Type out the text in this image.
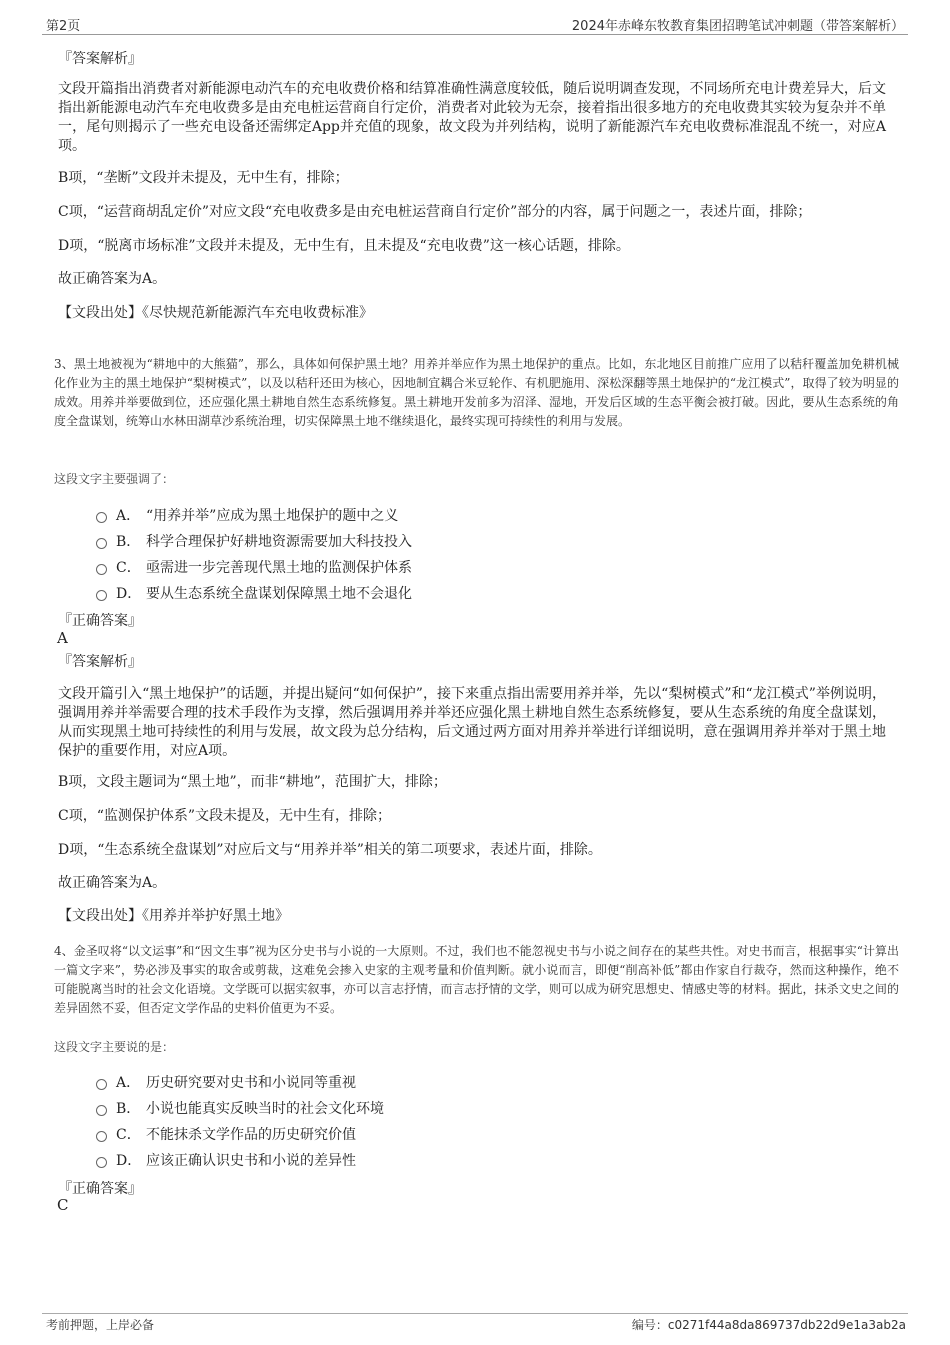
第2页	2024年赤峰东牧教育集团招聘笔试冲刺题（带答案解析）
『答案解析』
文段开篇指出消费者对新能源电动汽车的充电收费价格和结算准确性满意度较低，随后说明调查发现，不同场所充电计费差异大，后文指出新能源电动汽车充电收费多是由充电桩运营商自行定价，消费者对此较为无奈，接着指出很多地方的充电收费其实较为复杂并不单一，尾句则揭示了一些充电设备还需绑定App并充值的现象，故文段为并列结构，说明了新能源汽车充电收费标准混乱不统一，对应A项。
B项，“垄断”文段并未提及，无中生有，排除；
C项，“运营商胡乱定价”对应文段“充电收费多是由充电桩运营商自行定价”部分的内容，属于问题之一，表述片面，排除；
D项，“脱离市场标准”文段并未提及，无中生有，且未提及“充电收费”这一核心话题，排除。
故正确答案为A。
【文段出处】《尽快规范新能源汽车充电收费标准》
3、黑土地被视为“耕地中的大熊猫”，那么，具体如何保护黑土地？用养并举应作为黑土地保护的重点。比如，东北地区目前推广应用了以秸秆覆盖加免耕机械化作业为主的黑土地保护“梨树模式”，以及以秸秆还田为核心，因地制宜耦合米豆轮作、有机肥施用、深松深翻等黑土地保护的“龙江模式”，取得了较为明显的成效。用养并举要做到位，还应强化黑土耕地自然生态系统修复。黑土耕地开发前多为沼泽、湿地，开发后区域的生态平衡会被打破。因此，要从生态系统的角度全盘谋划，统筹山水林田湖草沙系统治理，切实保障黑土地不继续退化，最终实现可持续性的利用与发展。
这段文字主要强调了：
A． “用养并举”应成为黑土地保护的题中之义
B． 科学合理保护好耕地资源需要加大科技投入
C． 亟需进一步完善现代黑土地的监测保护体系
D． 要从生态系统全盘谋划保障黑土地不会退化
『正确答案』
A
『答案解析』
文段开篇引入“黑土地保护”的话题，并提出疑问“如何保护”，接下来重点指出需要用养并举，先以“梨树模式”和“龙江模式”举例说明，强调用养并举需要合理的技术手段作为支撑，然后强调用养并举还应强化黑土耕地自然生态系统修复，要从生态系统的角度全盘谋划，从而实现黑土地可持续性的利用与发展，故文段为总分结构，后文通过两方面对用养并举进行详细说明，意在强调用养并举对于黑土地保护的重要作用，对应A项。
B项，文段主题词为“黑土地”，而非“耕地”，范围扩大，排除；
C项，“监测保护体系”文段未提及，无中生有，排除；
D项，“生态系统全盘谋划”对应后文与“用养并举”相关的第二项要求，表述片面，排除。
故正确答案为A。
【文段出处】《用养并举护好黑土地》
4、金圣叹将“以文运事”和“因文生事”视为区分史书与小说的一大原则。不过，我们也不能忽视史书与小说之间存在的某些共性。对史书而言，根据事实“计算出一篇文字来”，势必涉及事实的取舍或剪裁，这难免会掺入史家的主观考量和价值判断。就小说而言，即便“削高补低”都由作家自行裁夺，然而这种操作，绝不可能脱离当时的社会文化语境。文学既可以据实叙事，亦可以言志抒情，而言志抒情的文学，则可以成为研究思想史、情感史等的材料。据此，抹杀文史之间的差异固然不妥，但否定文学作品的史料价值更为不妥。
这段文字主要说的是：
A． 历史研究要对史书和小说同等重视
B． 小说也能真实反映当时的社会文化环境
C． 不能抹杀文学作品的历史研究价值
D． 应该正确认识史书和小说的差异性
『正确答案』
C
考前押题，上岸必备	编号：c0271f44a8da869737db22d9e1a3ab2a
